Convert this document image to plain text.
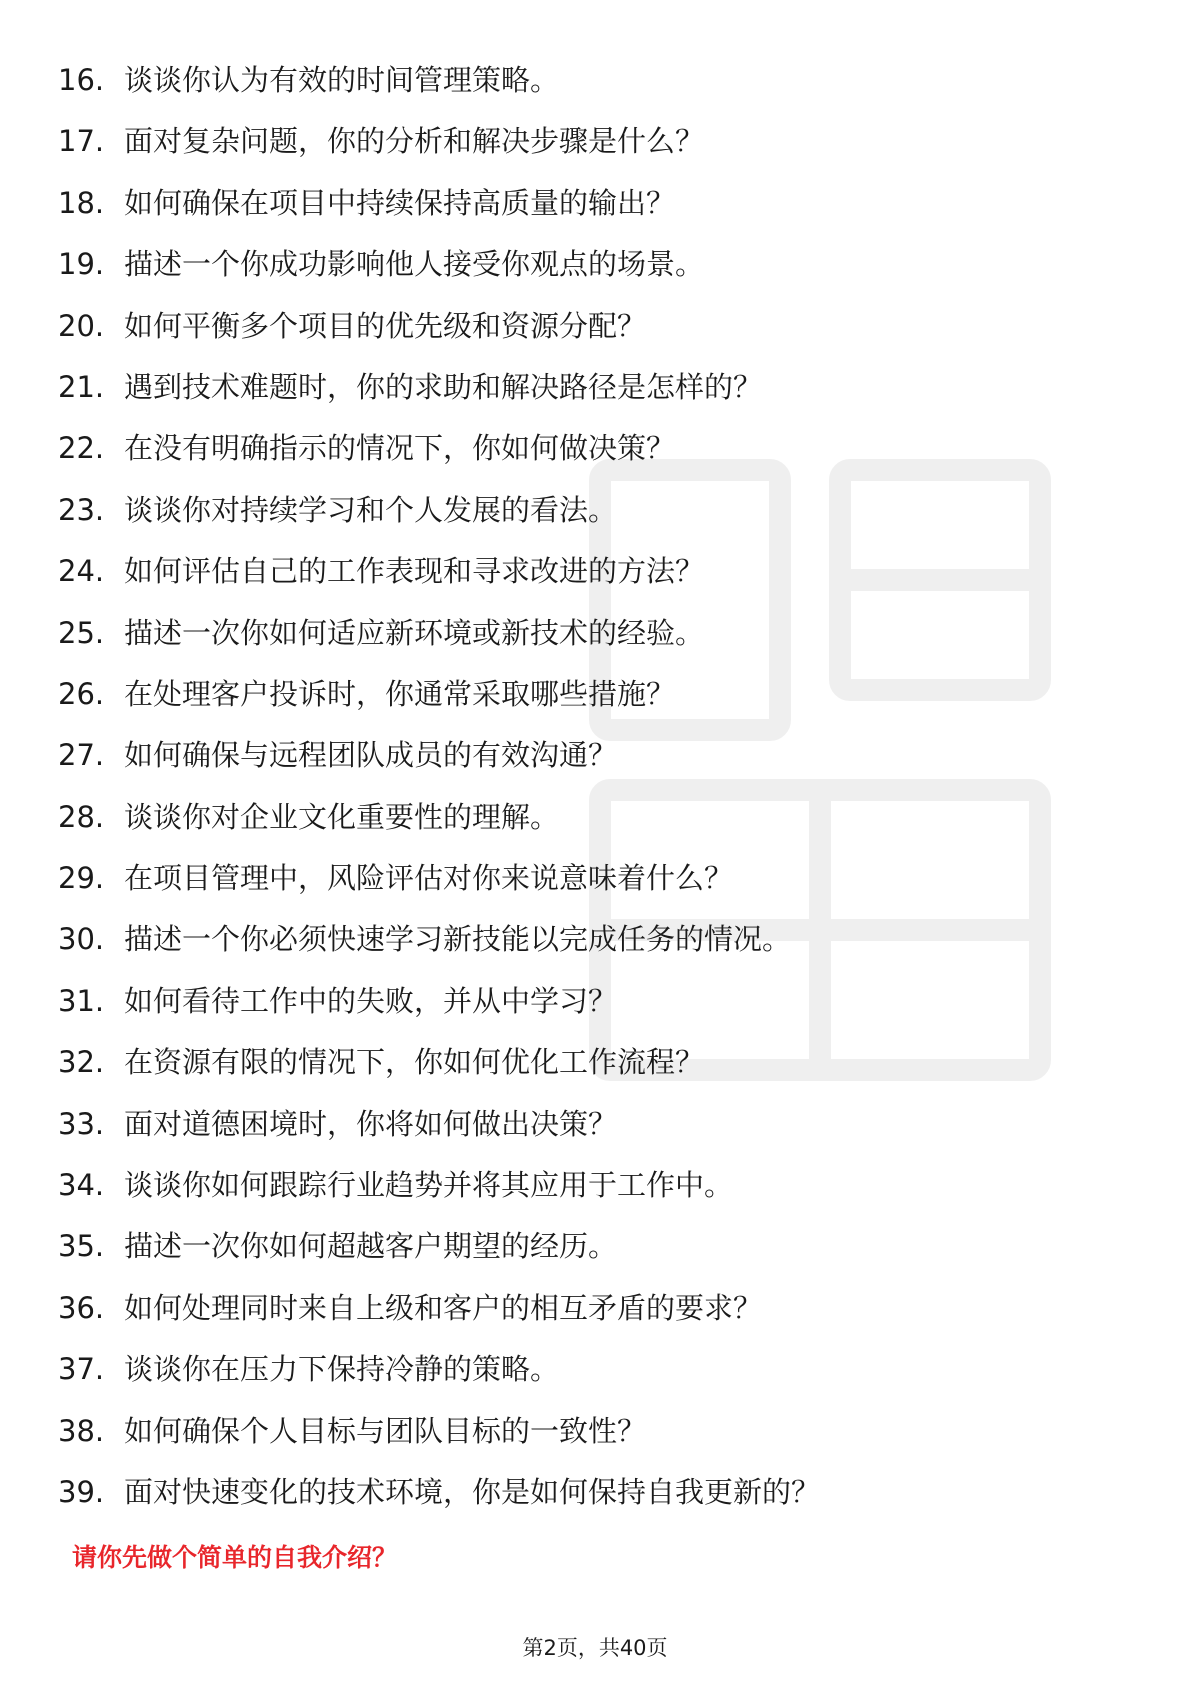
16. 谈谈你认为有效的时间管理策略。
17. 面对复杂问题，你的分析和解决步骤是什么？
18. 如何确保在项目中持续保持高质量的输出？
19. 描述一个你成功影响他人接受你观点的场景。
20. 如何平衡多个项目的优先级和资源分配？
21. 遇到技术难题时，你的求助和解决路径是怎样的？
22. 在没有明确指示的情况下，你如何做决策？
23. 谈谈你对持续学习和个人发展的看法。
24. 如何评估自己的工作表现和寻求改进的方法？
25. 描述一次你如何适应新环境或新技术的经验。
26. 在处理客户投诉时，你通常采取哪些措施？
27. 如何确保与远程团队成员的有效沟通？
28. 谈谈你对企业文化重要性的理解。
29. 在项目管理中，风险评估对你来说意味着什么？
30. 描述一个你必须快速学习新技能以完成任务的情况。
31. 如何看待工作中的失败，并从中学习？
32. 在资源有限的情况下，你如何优化工作流程？
33. 面对道德困境时，你将如何做出决策？
34. 谈谈你如何跟踪行业趋势并将其应用于工作中。
35. 描述一次你如何超越客户期望的经历。
36. 如何处理同时来自上级和客户的相互矛盾的要求？
37. 谈谈你在压力下保持冷静的策略。
38. 如何确保个人目标与团队目标的一致性？
39. 面对快速变化的技术环境，你是如何保持自我更新的？
请你先做个简单的自我介绍？
第2页，共40页
